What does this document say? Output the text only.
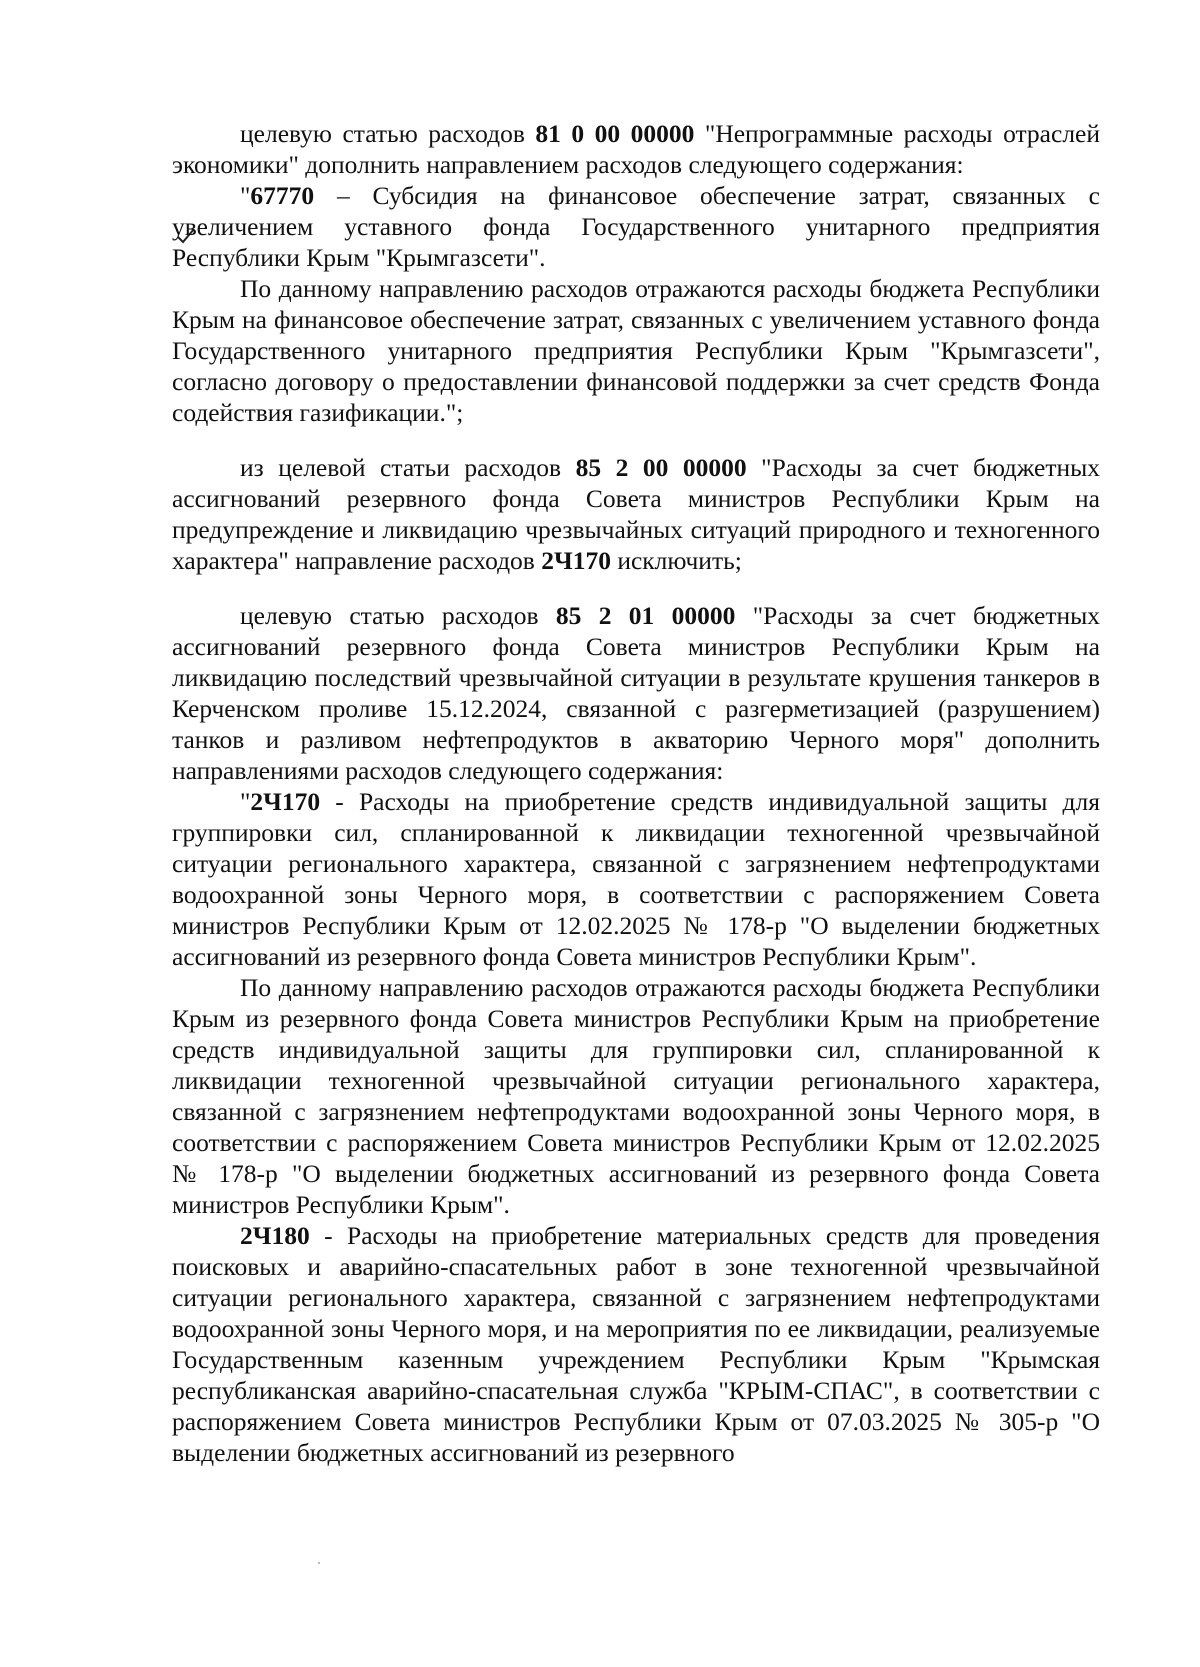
целевую статью расходов 81 0 00 00000 "Непрограммные расходы отраслей экономики" дополнить направлением расходов следующего содержания:

"67770 – Субсидия на финансовое обеспечение затрат, связанных с увеличением уставного фонда Государственного унитарного предприятия Республики Крым "Крымгазсети".

По данному направлению расходов отражаются расходы бюджета Республики Крым на финансовое обеспечение затрат, связанных с увеличением уставного фонда Государственного унитарного предприятия Республики Крым "Крымгазсети", согласно договору о предоставлении финансовой поддержки за счет средств Фонда содействия газификации.";

из целевой статьи расходов 85 2 00 00000 "Расходы за счет бюджетных ассигнований резервного фонда Совета министров Республики Крым на предупреждение и ликвидацию чрезвычайных ситуаций природного и техногенного характера" направление расходов 2Ч170 исключить;

целевую статью расходов 85 2 01 00000 "Расходы за счет бюджетных ассигнований резервного фонда Совета министров Республики Крым на ликвидацию последствий чрезвычайной ситуации в результате крушения танкеров в Керченском проливе 15.12.2024, связанной с разгерметизацией (разрушением) танков и разливом нефтепродуктов в акваторию Черного моря" дополнить направлениями расходов следующего содержания:

"2Ч170 - Расходы на приобретение средств индивидуальной защиты для группировки сил, спланированной к ликвидации техногенной чрезвычайной ситуации регионального характера, связанной с загрязнением нефтепродуктами водоохранной зоны Черного моря, в соответствии с распоряжением Совета министров Республики Крым от 12.02.2025 № 178-р "О выделении бюджетных ассигнований из резервного фонда Совета министров Республики Крым".

По данному направлению расходов отражаются расходы бюджета Республики Крым из резервного фонда Совета министров Республики Крым на приобретение средств индивидуальной защиты для группировки сил, спланированной к ликвидации техногенной чрезвычайной ситуации регионального характера, связанной с загрязнением нефтепродуктами водоохранной зоны Черного моря, в соответствии с распоряжением Совета министров Республики Крым от 12.02.2025 № 178-р "О выделении бюджетных ассигнований из резервного фонда Совета министров Республики Крым".

2Ч180 - Расходы на приобретение материальных средств для проведения поисковых и аварийно-спасательных работ в зоне техногенной чрезвычайной ситуации регионального характера, связанной с загрязнением нефтепродуктами водоохранной зоны Черного моря, и на мероприятия по ее ликвидации, реализуемые Государственным казенным учреждением Республики Крым "Крымская республиканская аварийно-спасательная служба "КРЫМ-СПАС", в соответствии с распоряжением Совета министров Республики Крым от 07.03.2025 № 305-р "О выделении бюджетных ассигнований из резервного
